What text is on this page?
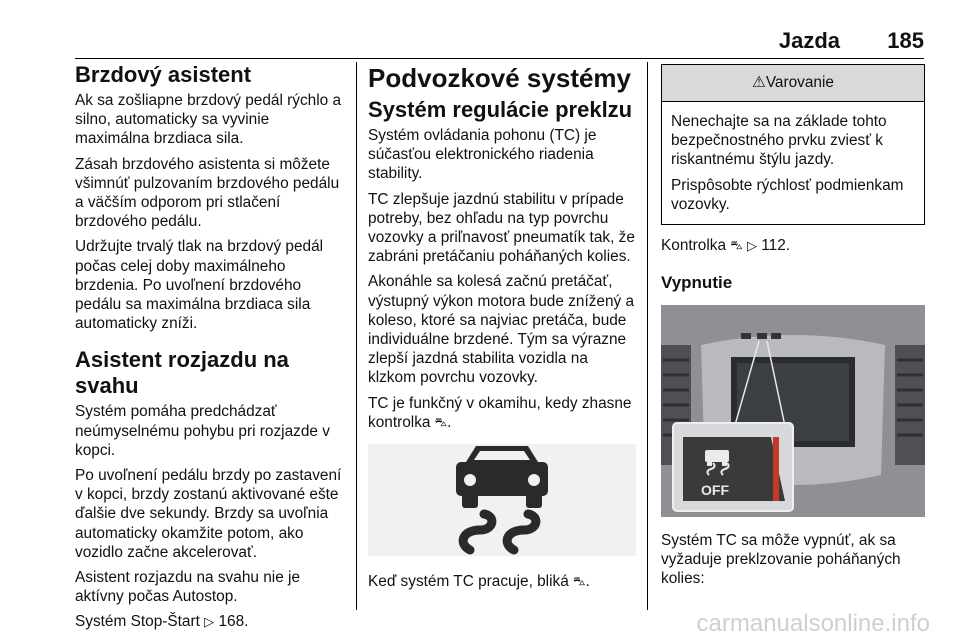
Jazda 185
Brzdový asistent

Ak sa zošliapne brzdový pedál rýchlo a silno, automaticky sa vyvinie maximálna brzdiaca sila.

Zásah brzdového asistenta si môžete všimnúť pulzovaním brzdového pedálu a väčším odporom pri stlačení brzdového pedálu.

Udržujte trvalý tlak na brzdový pedál počas celej doby maximálneho brzdenia. Po uvoľnení brzdového pedálu sa maximálna brzdiaca sila automaticky zníži.

Asistent rozjazdu na svahu

Systém pomáha predchádzať neúmyselnému pohybu pri rozjazde v kopci.

Po uvoľnení pedálu brzdy po zastavení v kopci, brzdy zostanú aktivované ešte ďalšie dve sekundy. Brzdy sa uvoľnia automaticky okamžite potom, ako vozidlo začne akcelerovať.

Asistent rozjazdu na svahu nie je aktívny počas Autostop.

Systém Stop-Štart ▷ 168.

Podvozkové systémy
Systém regulácie preklzu

Systém ovládania pohonu (TC) je súčasťou elektronického riadenia stability.

TC zlepšuje jazdnú stabilitu v prípade potreby, bez ohľadu na typ povrchu vozovky a priľnavosť pneumatík tak, že zabráni pretáčaniu poháňaných kolies.

Akonáhle sa kolesá začnú pretáčať, výstupný výkon motora bude znížený a koleso, ktoré sa najviac pretáča, bude individuálne brzdené. Tým sa výrazne zlepší jazdná stabilita vozidla na klzkom povrchu vozovky.

TC je funkčný v okamihu, kedy zhasne kontrolka ⛍.

Keď systém TC pracuje, bliká ⛍.

⚠Varovanie

Nenechajte sa na základe tohto bezpečnostného prvku zviesť k riskantnému štýlu jazdy.

Prispôsobte rýchlosť podmienkam vozovky.

Kontrolka ⛍ ▷ 112.
Vypnutie
OFF

Systém TC sa môže vypnúť, ak sa vyžaduje preklzovanie poháňaných kolies:

carmanualsonline.info
